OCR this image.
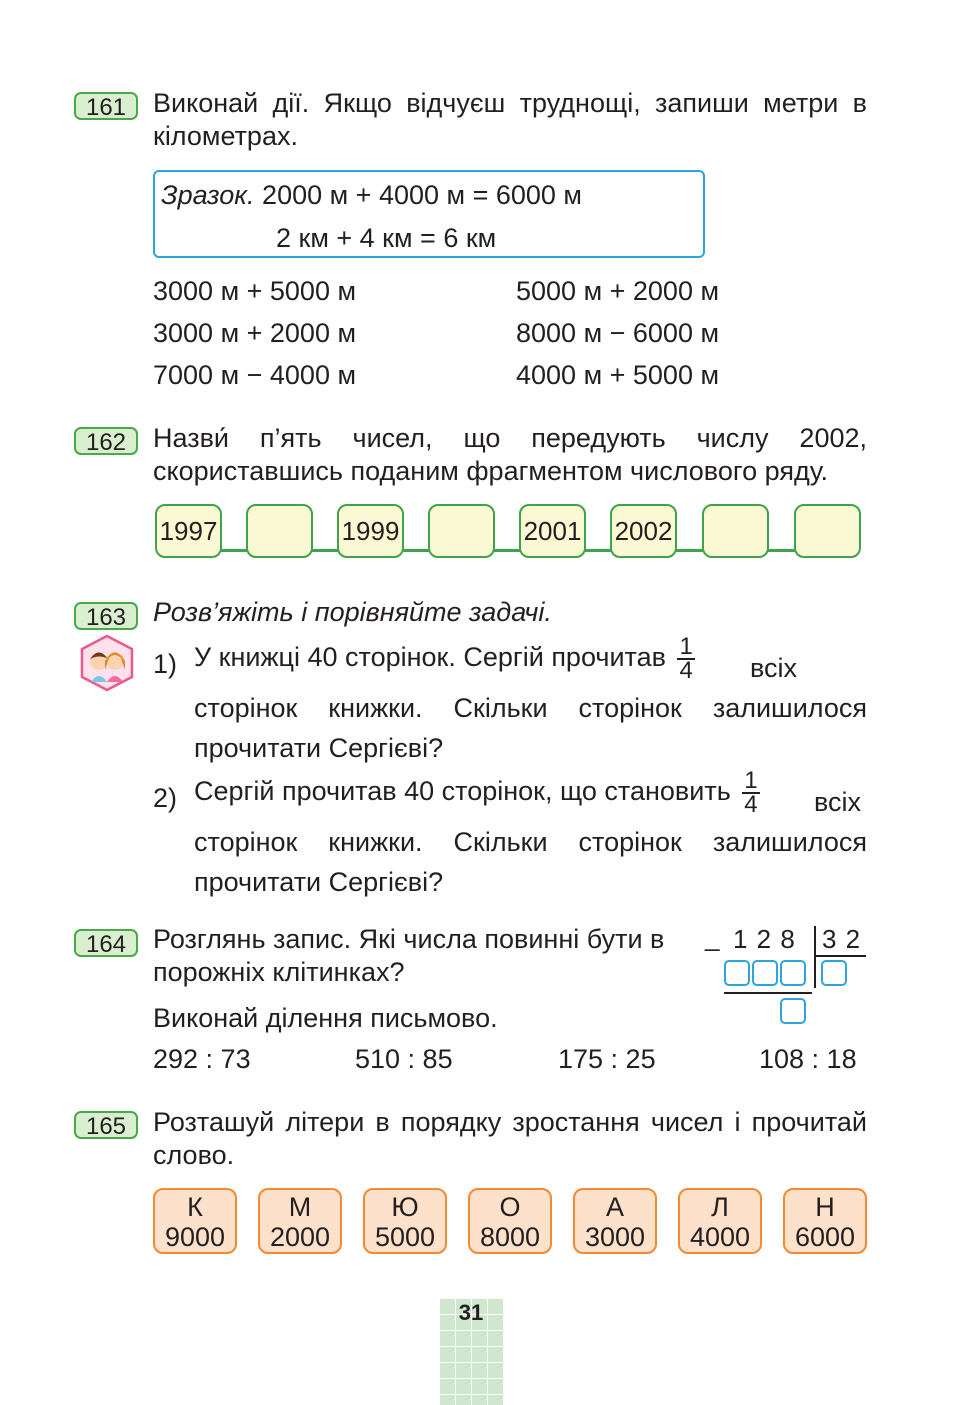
161 Виконай дії. Якщо відчуєш труднощі, запиши метри в кілометрах.
Зразок. 2000 м + 4000 м = 6000 м
2 км + 4 км = 6 км
3000 м + 5000 м	5000 м + 2000 м
3000 м + 2000 м	8000 м − 6000 м
7000 м − 4000 м	4000 м + 5000 м
162 Назви́ п’ять чисел, що передують числу 2002, скориставшись поданим фрагментом числового ряду.
1997	1999	2001 2002
163 Розв’яжіть і порівняйте задачі.
1) У книжці 40 сторінок. Сергій прочитав $\frac{1}{4}$	всіх сторінок книжки. Скільки сторінок залишилося прочитати Сергієві?
2) Сергій прочитав 40 сторінок, що становить $\frac{1}{4}$	всіх сторінок книжки. Скільки сторінок залишилося прочитати Сергієві?
164 Розглянь запис. Які числа повинні бути в порожніх клітинках?
Виконай ділення письмово.
_ 1 2 8 3 2
292 : 73	510 : 85	175 : 25	108 : 18
165 Розташуй літери в порядку зростання чисел і прочитай слово.
К
9000
М
2000
Ю
5000
О
8000
А
3000
Л
4000
Н
6000
31
